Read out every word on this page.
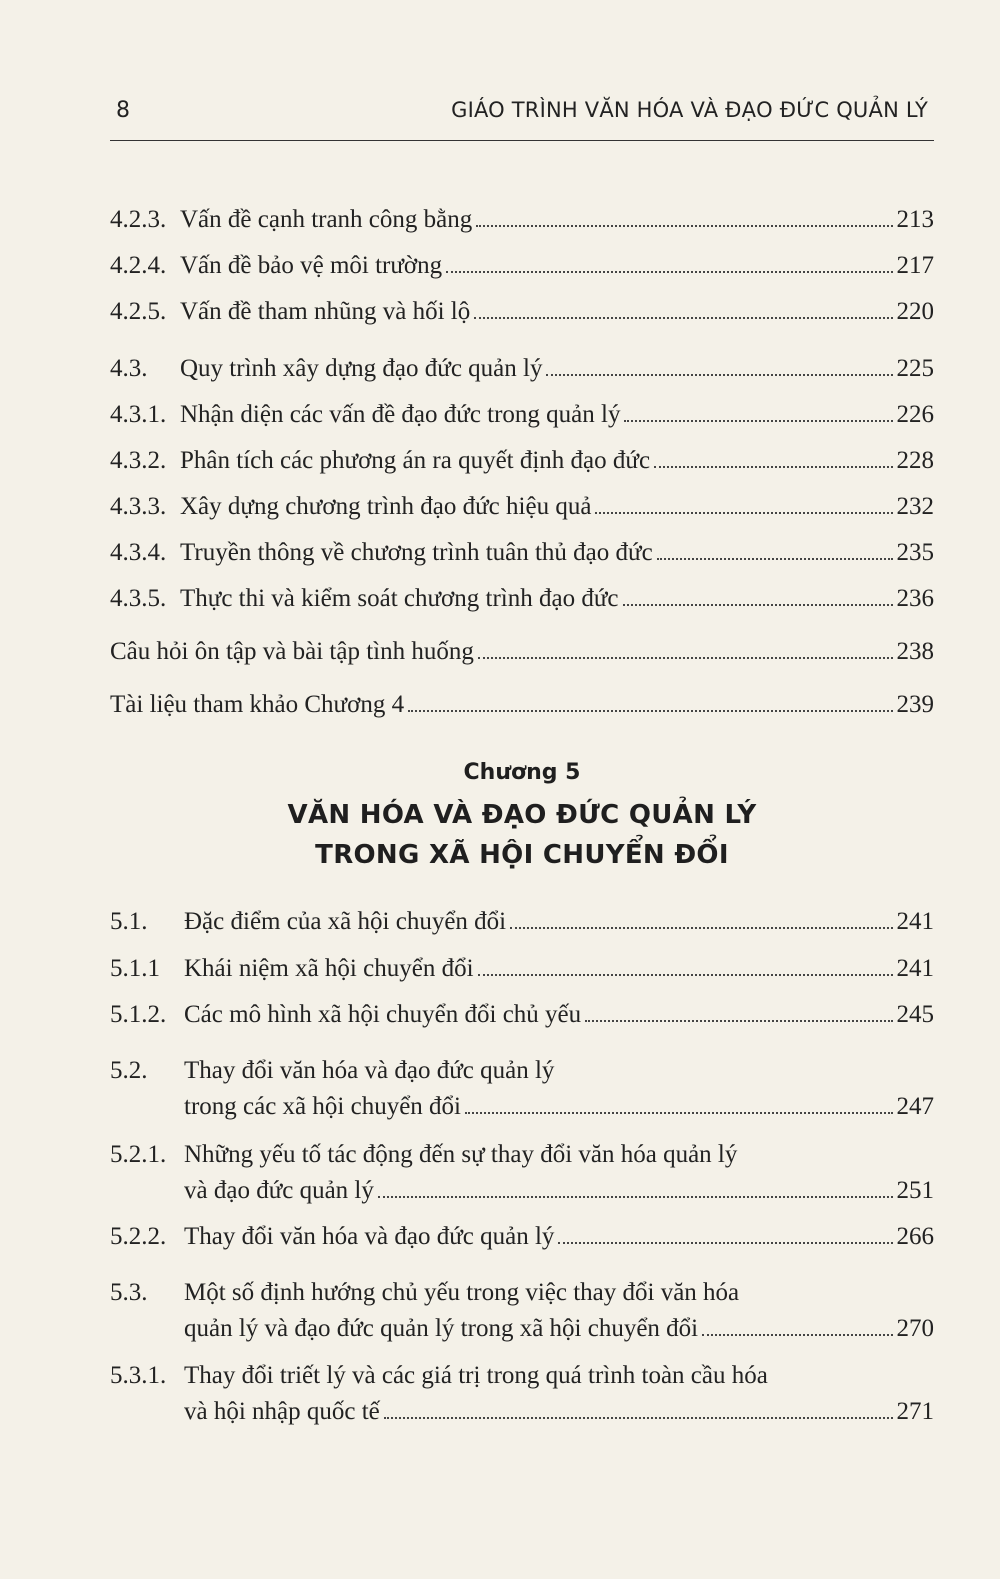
8	GIÁO TRÌNH VĂN HÓA VÀ ĐẠO ĐỨC QUẢN LÝ
4.2.3. Vấn đề cạnh tranh công bằng	213
4.2.4. Vấn đề bảo vệ môi trường	217
4.2.5. Vấn đề tham nhũng và hối lộ	220
4.3.	Quy trình xây dựng đạo đức quản lý	225
4.3.1. Nhận diện các vấn đề đạo đức trong quản lý	226
4.3.2. Phân tích các phương án ra quyết định đạo đức	228
4.3.3. Xây dựng chương trình đạo đức hiệu quả	232
4.3.4. Truyền thông về chương trình tuân thủ đạo đức	235
4.3.5. Thực thi và kiểm soát chương trình đạo đức	236
Câu hỏi ôn tập và bài tập tình huống	238
Tài liệu tham khảo Chương 4	239
Chương 5
VĂN HÓA VÀ ĐẠO ĐỨC QUẢN LÝ
TRONG XÃ HỘI CHUYỂN ĐỔI
5.1.	Đặc điểm của xã hội chuyển đổi	241
5.1.1 Khái niệm xã hội chuyển đổi	241
5.1.2. Các mô hình xã hội chuyển đổi chủ yếu	245
5.2.	Thay đổi văn hóa và đạo đức quản lý
trong các xã hội chuyển đổi	247
5.2.1. Những yếu tố tác động đến sự thay đổi văn hóa quản lý
và đạo đức quản lý	251
5.2.2. Thay đổi văn hóa và đạo đức quản lý	266
5.3.	Một số định hướng chủ yếu trong việc thay đổi văn hóa
quản lý và đạo đức quản lý trong xã hội chuyển đổi	270
5.3.1. Thay đổi triết lý và các giá trị trong quá trình toàn cầu hóa
và hội nhập quốc tế	271
